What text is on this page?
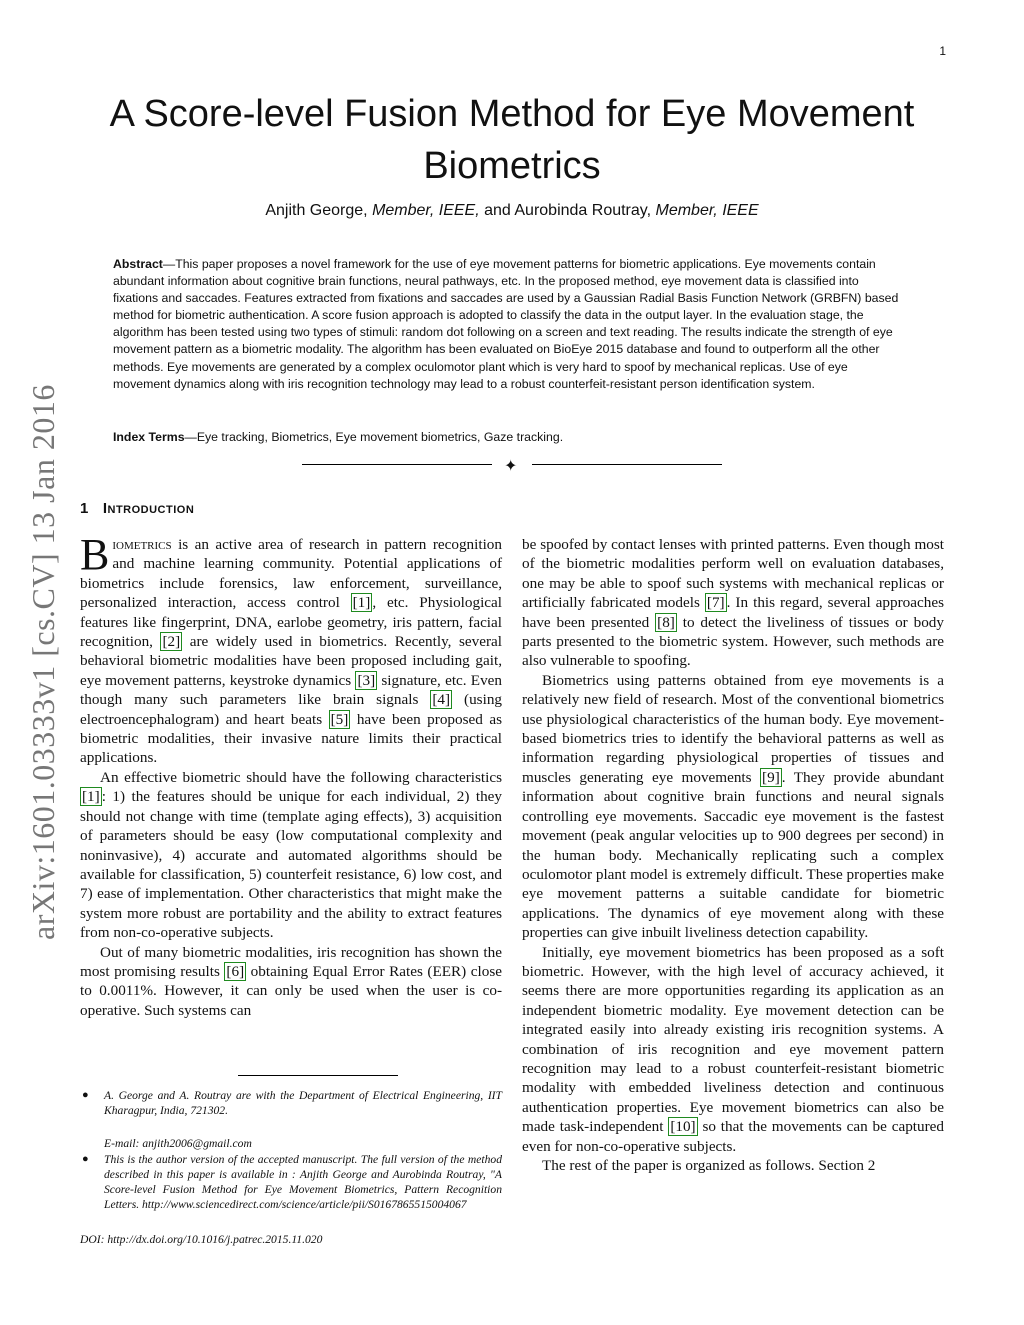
1
A Score-level Fusion Method for Eye Movement Biometrics
Anjith George, Member, IEEE, and Aurobinda Routray, Member, IEEE
Abstract—This paper proposes a novel framework for the use of eye movement patterns for biometric applications. Eye movements contain abundant information about cognitive brain functions, neural pathways, etc. In the proposed method, eye movement data is classified into fixations and saccades. Features extracted from fixations and saccades are used by a Gaussian Radial Basis Function Network (GRBFN) based method for biometric authentication. A score fusion approach is adopted to classify the data in the output layer. In the evaluation stage, the algorithm has been tested using two types of stimuli: random dot following on a screen and text reading. The results indicate the strength of eye movement pattern as a biometric modality. The algorithm has been evaluated on BioEye 2015 database and found to outperform all the other methods. Eye movements are generated by a complex oculomotor plant which is very hard to spoof by mechanical replicas. Use of eye movement dynamics along with iris recognition technology may lead to a robust counterfeit-resistant person identification system.
Index Terms—Eye tracking, Biometrics, Eye movement biometrics, Gaze tracking.
✦
arXiv:1601.03333v1 [cs.CV] 13 Jan 2016 1 Introduction

Biometrics is an active area of research in pattern recognition and machine learning community. Potential applications of biometrics include forensics, law enforcement, surveillance, personalized interaction, access control [1] , etc. Physiological features like fingerprint, DNA, earlobe geometry, iris pattern, facial recognition, [2] are widely used in biometrics. Recently, several behavioral biometric modalities have been proposed including gait, eye movement patterns, keystroke dynamics [3] signature, etc. Even though many such parameters like brain signals [4] (using electroencephalogram) and heart beats [5] have been proposed as biometric modalities, their invasive nature limits their practical applications.

An effective biometric should have the following characteristics [1] : 1) the features should be unique for each individual, 2) they should not change with time (template aging effects), 3) acquisition of parameters should be easy (low computational complexity and noninvasive), 4) accurate and automated algorithms should be available for classification, 5) counterfeit resistance, 6) low cost, and 7) ease of implementation. Other characteristics that might make the system more robust are portability and the ability to extract features from non-co-operative subjects.

Out of many biometric modalities, iris recognition has shown the most promising results [6] obtaining Equal Error Rates (EER) close to 0.0011%. However, it can only be used when the user is co-operative. Such systems can

be spoofed by contact lenses with printed patterns. Even though most of the biometric modalities perform well on evaluation databases, one may be able to spoof such systems with mechanical replicas or artificially fabricated models [7] . In this regard, several approaches have been presented [8] to detect the liveliness of tissues or body parts presented to the biometric system. However, such methods are also vulnerable to spoofing.

Biometrics using patterns obtained from eye movements is a relatively new field of research. Most of the conventional biometrics use physiological characteristics of the human body. Eye movement-based biometrics tries to identify the behavioral patterns as well as information regarding physiological properties of tissues and muscles generating eye movements [9] . They provide abundant information about cognitive brain functions and neural signals controlling eye movements. Saccadic eye movement is the fastest movement (peak angular velocities up to 900 degrees per second) in the human body. Mechanically replicating such a complex oculomotor plant model is extremely difficult. These properties make eye movement patterns a suitable candidate for biometric applications. The dynamics of eye movement along with these properties can give inbuilt liveliness detection capability.

Initially, eye movement biometrics has been proposed as a soft biometric. However, with the high level of accuracy achieved, it seems there are more opportunities regarding its application as an independent biometric modality. Eye movement detection can be integrated easily into already existing iris recognition systems. A combination of iris recognition and eye movement pattern recognition may lead to a robust counterfeit-resistant biometric modality with embedded liveliness detection and continuous authentication properties. Eye movement biometrics can also be made task-independent [10] so that the movements can be captured even for non-co-operative subjects.

The rest of the paper is organized as follows. Section 2

● A. George and A. Routray are with the Department of Electrical Engineering, IIT Kharagpur, India, 721302.
E-mail: anjith2006@gmail.com
● This is the author version of the accepted manuscript. The full version of the method described in this paper is available in : Anjith George and Aurobinda Routray, "A Score-level Fusion Method for Eye Movement Biometrics, Pattern Recognition Letters. http://www.sciencedirect.com/science/article/pii/S0167865515004067
DOI: http://dx.doi.org/10.1016/j.patrec.2015.11.020
